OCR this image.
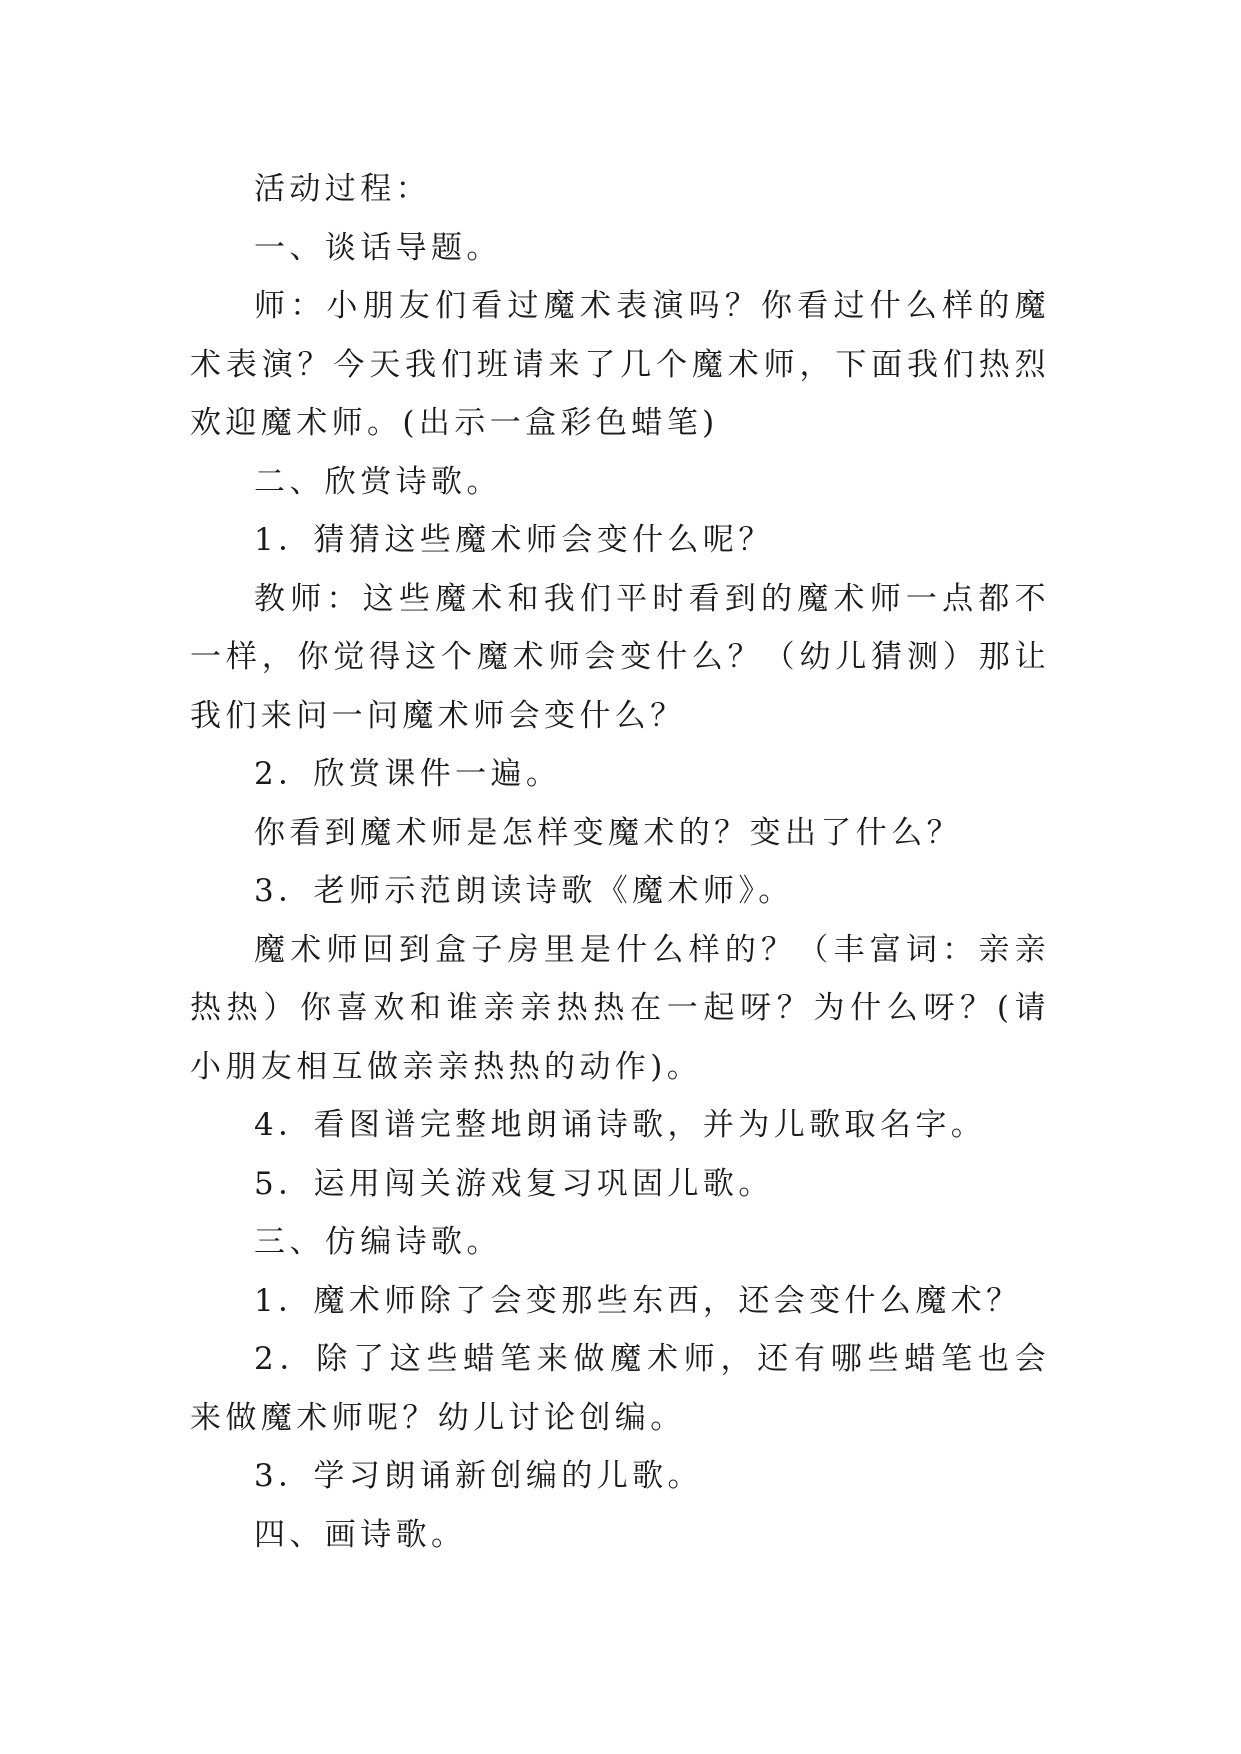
活动过程：

一、谈话导题。

师：小朋友们看过魔术表演吗？你看过什么样的魔术表演？今天我们班请来了几个魔术师，下面我们热烈欢迎魔术师。(出示一盒彩色蜡笔)

二、欣赏诗歌。

1．猜猜这些魔术师会变什么呢？

教师：这些魔术和我们平时看到的魔术师一点都不一样，你觉得这个魔术师会变什么？（幼儿猜测）那让我们来问一问魔术师会变什么？

2．欣赏课件一遍。

你看到魔术师是怎样变魔术的？变出了什么？

3．老师示范朗读诗歌《魔术师》。

魔术师回到盒子房里是什么样的？（丰富词：亲亲热热）你喜欢和谁亲亲热热在一起呀？为什么呀？(请小朋友相互做亲亲热热的动作)。

4．看图谱完整地朗诵诗歌，并为儿歌取名字。

5．运用闯关游戏复习巩固儿歌。

三、仿编诗歌。

1．魔术师除了会变那些东西，还会变什么魔术？

2．除了这些蜡笔来做魔术师，还有哪些蜡笔也会来做魔术师呢？幼儿讨论创编。

3．学习朗诵新创编的儿歌。

四、画诗歌。
